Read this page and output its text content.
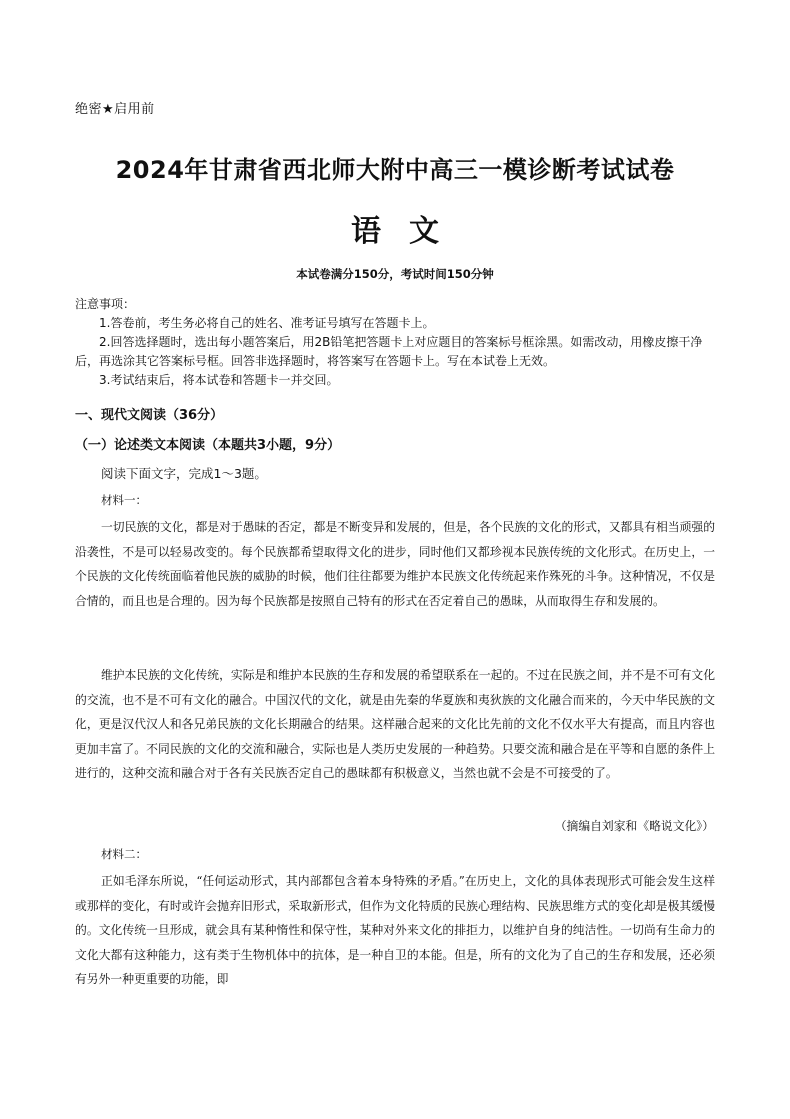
绝密★启用前
2024年甘肃省西北师大附中高三一模诊断考试试卷
语文
本试卷满分150分，考试时间150分钟

注意事项：

1.答卷前，考生务必将自己的姓名、准考证号填写在答题卡上。

2.回答选择题时，选出每小题答案后，用2B铅笔把答题卡上对应题目的答案标号框涂黑。如需改动，用橡皮擦干净后，再选涂其它答案标号框。回答非选择题时，将答案写在答题卡上。写在本试卷上无效。

3.考试结束后，将本试卷和答题卡一并交回。

一、现代文阅读（36分）
（一）论述类文本阅读（本题共3小题，9分）
阅读下面文字，完成1～3题。
材料一：

一切民族的文化，都是对于愚昧的否定，都是不断变异和发展的，但是，各个民族的文化的形式，又都具有相当顽强的沿袭性，不是可以轻易改变的。每个民族都希望取得文化的进步，同时他们又都珍视本民族传统的文化形式。在历史上，一个民族的文化传统面临着他民族的威胁的时候，他们往往都要为维护本民族文化传统起来作殊死的斗争。这种情况，不仅是合情的，而且也是合理的。因为每个民族都是按照自己特有的形式在否定着自己的愚昧，从而取得生存和发展的。

维护本民族的文化传统，实际是和维护本民族的生存和发展的希望联系在一起的。不过在民族之间，并不是不可有文化的交流，也不是不可有文化的融合。中国汉代的文化，就是由先秦的华夏族和夷狄族的文化融合而来的，今天中华民族的文化，更是汉代汉人和各兄弟民族的文化长期融合的结果。这样融合起来的文化比先前的文化不仅水平大有提高，而且内容也更加丰富了。不同民族的文化的交流和融合，实际也是人类历史发展的一种趋势。只要交流和融合是在平等和自愿的条件上进行的，这种交流和融合对于各有关民族否定自己的愚昧都有积极意义，当然也就不会是不可接受的了。

（摘编自刘家和《略说文化》）
材料二：

正如毛泽东所说，“任何运动形式，其内部都包含着本身特殊的矛盾。”在历史上，文化的具体表现形式可能会发生这样或那样的变化，有时或许会抛弃旧形式，采取新形式，但作为文化特质的民族心理结构、民族思维方式的变化却是极其缓慢的。文化传统一旦形成，就会具有某种惰性和保守性，某种对外来文化的排拒力，以维护自身的纯洁性。一切尚有生命力的文化大都有这种能力，这有类于生物机体中的抗体，是一种自卫的本能。但是，所有的文化为了自己的生存和发展，还必须有另外一种更重要的功能，即
